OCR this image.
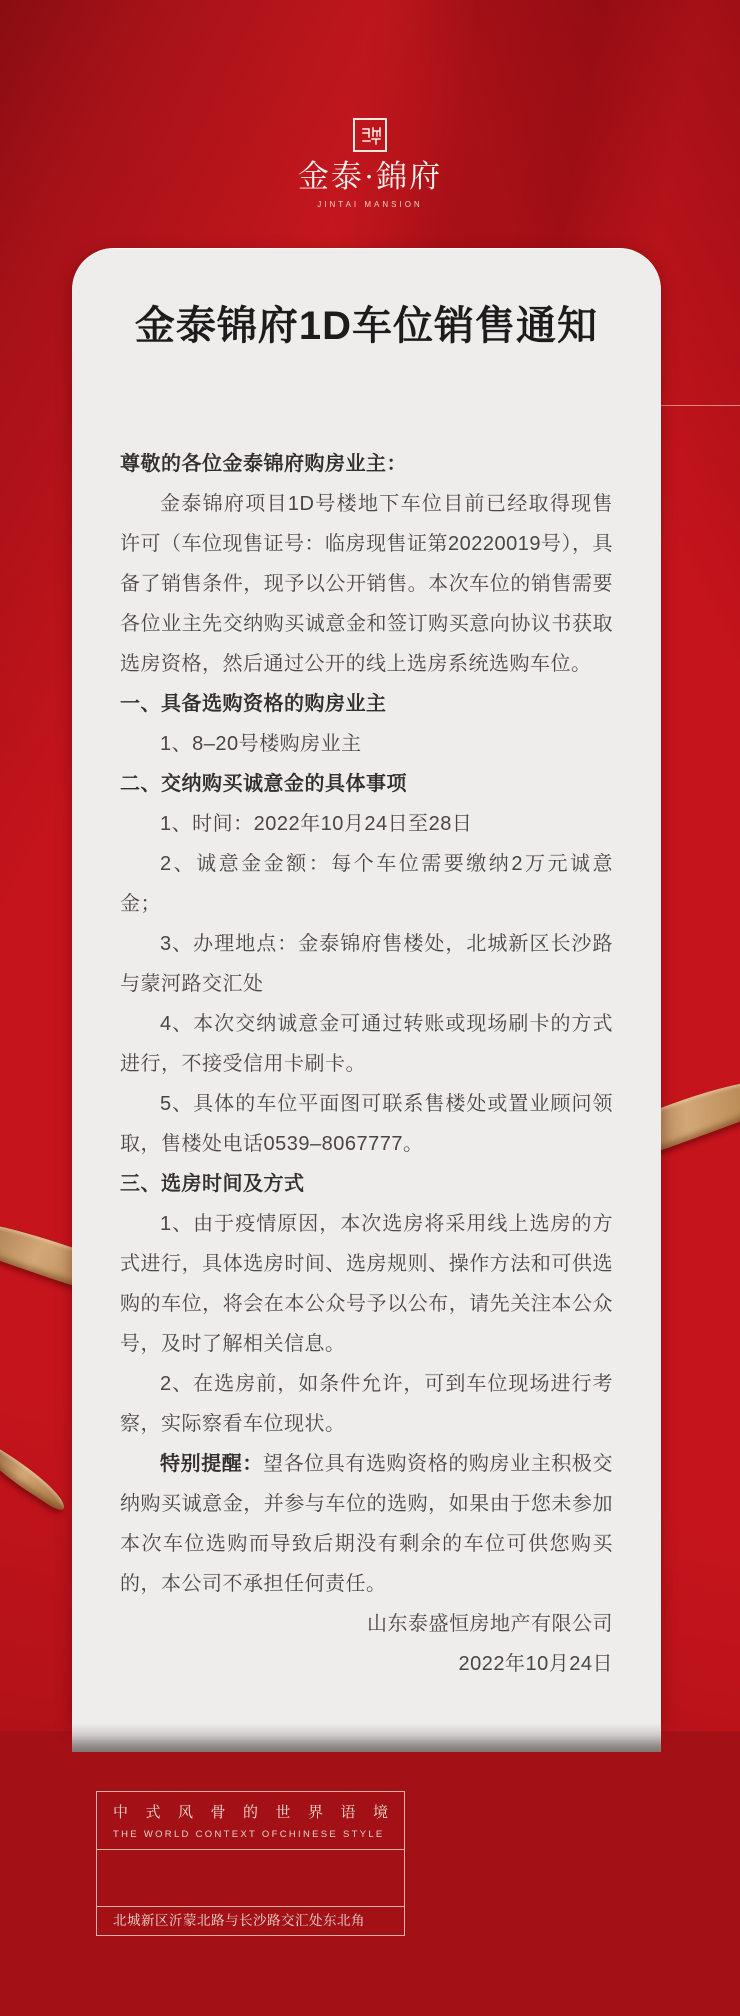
金泰·錦府
JINTAI MANSION
金泰锦府1D车位销售通知

尊敬的各位金泰锦府购房业主：

金泰锦府项目1D号楼地下车位目前已经取得现售许可（车位现售证号：临房现售证第20220019号），具备了销售条件，现予以公开销售。本次车位的销售需要各位业主先交纳购买诚意金和签订购买意向协议书获取选房资格，然后通过公开的线上选房系统选购车位。

一、具备选购资格的购房业主

1、8–20号楼购房业主

二、交纳购买诚意金的具体事项

1、时间：2022年10月24日至28日

2、诚意金金额：每个车位需要缴纳2万元诚意金；

3、办理地点：金泰锦府售楼处，北城新区长沙路与蒙河路交汇处

4、本次交纳诚意金可通过转账或现场刷卡的方式进行，不接受信用卡刷卡。

5、具体的车位平面图可联系售楼处或置业顾问领取，售楼处电话0539–8067777。

三、选房时间及方式

1、由于疫情原因，本次选房将采用线上选房的方式进行，具体选房时间、选房规则、操作方法和可供选购的车位，将会在本公众号予以公布，请先关注本公众号，及时了解相关信息。

2、在选房前，如条件允许，可到车位现场进行考察，实际察看车位现状。

特别提醒：望各位具有选购资格的购房业主积极交纳购买诚意金，并参与车位的选购，如果由于您未参加本次车位选购而导致后期没有剩余的车位可供您购买的，本公司不承担任何责任。

山东泰盛恒房地产有限公司

2022年10月24日

中式风骨的世界语境
THE WORLD CONTEXT OFCHINESE STYLE
北城新区沂蒙北路与长沙路交汇处东北角
